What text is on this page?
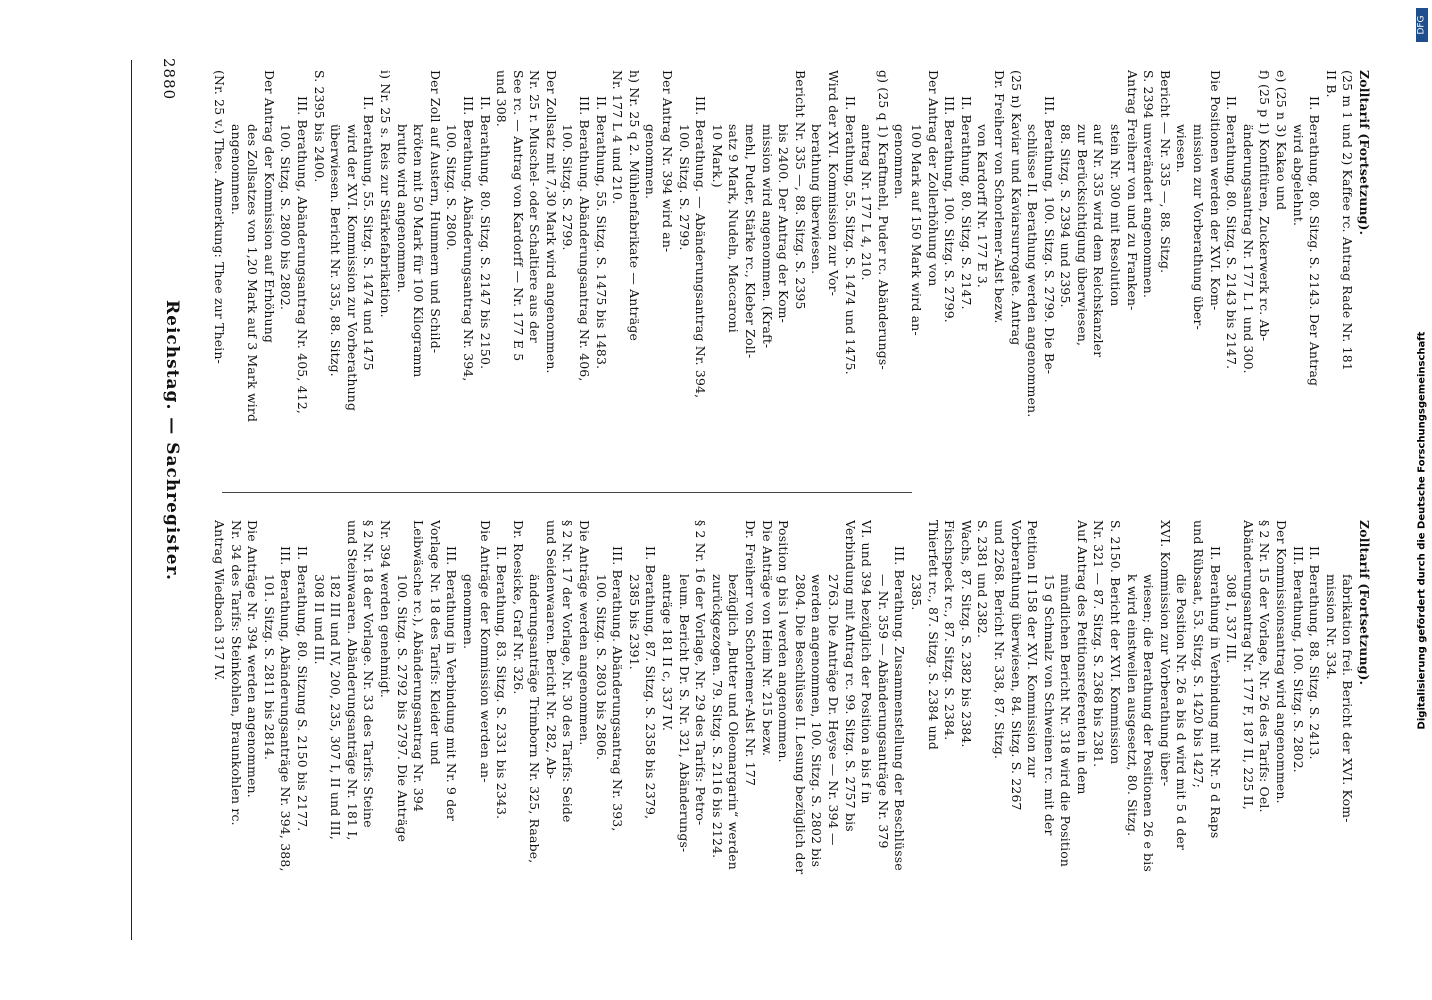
Zolltarif (Fortsetzung).
(25 m 1 und 2) Kaffee rc. Antrag Rade Nr. 181
II B.
II. Berathung, 80. Sitzg. S. 2143. Der Antrag
wird abgelehnt.
e) (25 n 3) Kakao und
f) (25 p 1) Konfitüren, Zuckerwerk rc. Ab-
änderungsantrag Nr. 177 L 1 und 300.
II. Berathung, 80. Sitzg. S. 2143 bis 2147.
Die Positionen werden der XVI. Kom-
mission zur Vorberathung über-
wiesen.
Bericht — Nr. 335 —, 88. Sitzg.
S. 2394 unverändert angenommen.
Antrag Freiherr von und zu Franken-
stein Nr. 300 mit Resolution
auf Nr. 335 wird dem Reichskanzler
zur Berücksichtigung überwiesen,
88. Sitzg. S. 2394 und 2395.
III. Berathung, 100. Sitzg. S. 2799. Die Be-
schlüsse II. Berathung werden angenommen.
(25 n) Kaviar und Kaviarsurrogate. Antrag
Dr. Freiherr von Schorlemer-Alst bezw.
von Kardorff Nr. 177 E 3.
II. Berathung, 80. Sitzg. S. 2147.
III. Berathung, 100. Sitzg. S. 2799.
Der Antrag der Zollerhöhung von
100 Mark auf 150 Mark wird an-
genommen.
g) (25 q 1) Kraftmehl, Puder rc. Abänderungs-
antrag Nr. 177 L 4, 210.
II. Berathung, 55. Sitzg. S. 1474 und 1475.
Wird der XVI. Kommission zur Vor-
berathung überwiesen.
Bericht Nr. 335 —, 88. Sitzg. S. 2395
bis 2400. Der Antrag der Kom-
mission wird angenommen. (Kraft-
mehl, Puder, Stärke rc., Kleber Zoll-
satz 9 Mark, Nudeln, Maccaroni
10 Mark.)
III. Berathung. — Abänderungsantrag Nr. 394,
100. Sitzg. S. 2799.
Der Antrag Nr. 394 wird an-
genommen.
h) Nr. 25 q 2. Mühlenfabrikate — Anträge
Nr. 177 L 4 und 210.
II. Berathung, 55. Sitzg. S. 1475 bis 1483.
III. Berathung. Abänderungsantrag Nr. 406,
100. Sitzg. S. 2799.
Der Zollsatz mit 7,30 Mark wird angenommen.
Nr. 25 r. Muschel- oder Schaltiere aus der
See rc. — Antrag von Kardorff — Nr. 177 E 5
und 308.
II. Berathung, 80. Sitzg. S. 2147 bis 2150.
III. Berathung. Abänderungsantrag Nr. 394,
100. Sitzg. S. 2800.
Der Zoll auf Austern, Hummern und Schild-
kröten mit 50 Mark für 100 Kilogramm
brutto wird angenommen.
i) Nr. 25 s. Reis zur Stärkefabrikation.
II. Berathung, 55. Sitzg. S. 1474 und 1475
wird der XVI. Kommission zur Vorberathung
überwiesen. Bericht Nr. 335, 88. Sitzg.
S. 2395 bis 2400.
III. Berathung, Abänderungsantrag Nr. 405, 412,
100. Sitzg. S. 2800 bis 2802.
Der Antrag der Kommission auf Erhöhung
des Zollsatzes von 1,20 Mark auf 3 Mark wird
angenommen.
(Nr. 25 v.) Thee. Anmerkung: Thee zur Thein-
Zolltarif (Fortsetzung).
fabrikation frei. Bericht der XVI. Kom-
mission Nr. 334.
II. Berathung, 88. Sitzg. S. 2413.
III. Berathung, 100. Sitzg. S. 2802.
Der Kommissionsantrag wird angenommen.
§ 2 Nr. 15 der Vorlage, Nr. 26 des Tarifs: Oel.
Abänderungsantrag Nr. 177 F, 187 II, 225 II,
308 I, 337 III.
II. Berathung in Verbindung mit Nr. 5 d Raps
und Rübsaat, 53. Sitzg. S. 1420 bis 1427;
die Position Nr. 26 a bis d wird mit 5 d der
XVI. Kommission zur Vorberathung über-
wiesen; die Berathung der Positionen 26 e bis
k wird einstweilen ausgesetzt, 80. Sitzg.
S. 2150. Bericht der XVI. Kommission
Nr. 321 — 87. Sitzg. S. 2368 bis 2381.
Auf Antrag des Petitionsreferenten in dem
mündlichen Bericht Nr. 318 wird die Position
15 g Schmalz von Schweinen rc. mit der
Petition II 158 der XVI. Kommission zur
Vorberathung überwiesen, 84. Sitzg. S. 2267
und 2268. Bericht Nr. 338, 87. Sitzg.
S. 2381 und 2382.
Wachs, 87. Sitzg. S. 2382 bis 2384.
Fischspeck rc., 87. Sitzg. S. 2384.
Thierfett rc., 87. Sitzg. S. 2384 und
2385.
III. Berathung. Zusammenstellung der Beschlüsse
— Nr. 359 — Abänderungsanträge Nr. 379
VI. und 394 bezüglich der Position a bis f in
Verbindung mit Antrag rc. 99. Sitzg. S. 2757 bis
2763. Die Anträge Dr. Heyse — Nr. 394 —
werden angenommen, 100. Sitzg. S. 2802 bis
2804. Die Beschlüsse II. Lesung bezüglich der
Position g bis l werden angenommen.
Die Anträge von Heim Nr. 215 bezw.
Dr. Freiherr von Schorlemer-Alst Nr. 177
bezüglich „Butter und Oleomargarin“ werden
zurückgezogen. 79. Sitzg. S. 2116 bis 2124.
§ 2 Nr. 16 der Vorlage, Nr. 29 des Tarifs: Petro-
leum. Bericht Dr. S. Nr. 321, Abänderungs-
anträge 181 II c, 337 IV.
II. Berathung, 87. Sitzg. S. 2358 bis 2379,
2385 bis 2391.
III. Berathung. Abänderungsantrag Nr. 393,
100. Sitzg. S. 2803 bis 2806.
Die Anträge werden angenommen.
§ 2 Nr. 17 der Vorlage, Nr. 30 des Tarifs: Seide
und Seidenwaaren. Bericht Nr. 282, Ab-
änderungsanträge Trimborn Nr. 325, Raabe,
Dr. Roesicke, Graf Nr. 326.
II. Berathung, 83. Sitzg. S. 2331 bis 2343.
Die Anträge der Kommission werden an-
genommen.
III. Berathung in Verbindung mit Nr. 9 der
Vorlage Nr. 18 des Tarifs: Kleider und
Leibwäsche rc.), Abänderungsantrag Nr. 394
100. Sitzg. S. 2792 bis 2797. Die Anträge
Nr. 394 werden genehmigt.
§ 2 Nr. 18 der Vorlage. Nr. 33 des Tarifs: Steine
und Steinwaaren. Abänderungsanträge Nr. 181 I,
182 III und IV, 200, 235, 307 I, II und III,
308 II und III.
II. Berathung, 80. Sitzung S. 2150 bis 2177.
III. Berathung, Abänderungsanträge Nr. 394, 388,
101. Sitzg. S. 2811 bis 2814.
Die Anträge Nr. 394 werden angenommen.
Nr. 34 des Tarifs: Steinkohlen, Braunkohlen rc.
Antrag Wiedbach 317 IV.
2880
Reichstag. — Sachregister.
DFG
Digitalisierung gefördert durch die Deutsche Forschungsgemeinschaft
